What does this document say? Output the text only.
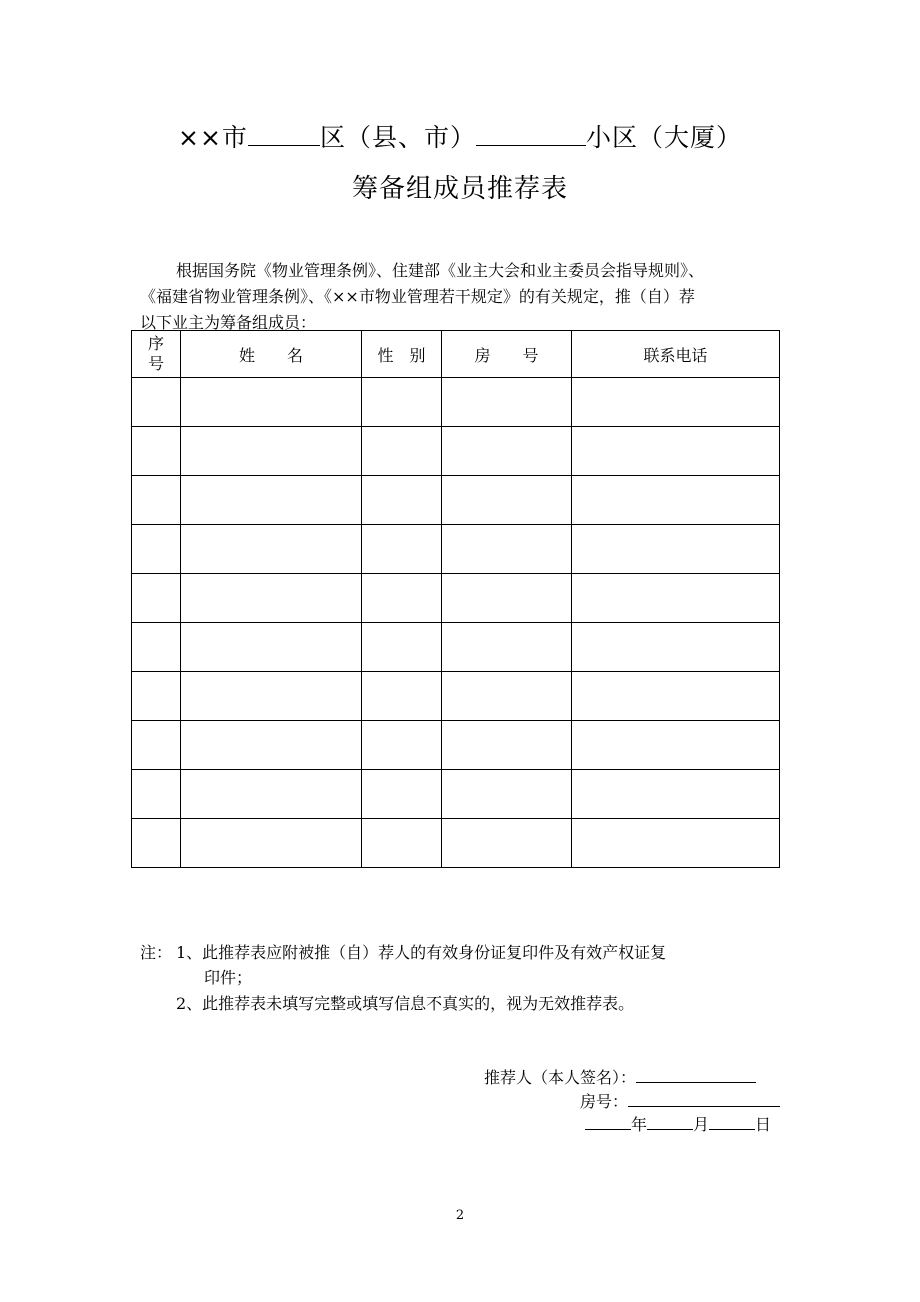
××市	区（县、市）	小区（大厦）
筹备组成员推荐表

根据国务院《物业管理条例》、住建部《业主大会和业主委员会指导规则》、

《福建省物业管理条例》、《××市物业管理若干规定》的有关规定，推（自）荐

以下业主为筹备组成员：

序
号	姓　　名	性　别	房　　号	联系电话

注： 1、此推荐表应附被推（自）荐人的有效身份证复印件及有效产权证复
印件；
2、此推荐表未填写完整或填写信息不真实的，视为无效推荐表。
推荐人（本人签名）：
房号：
年	月	日
2
